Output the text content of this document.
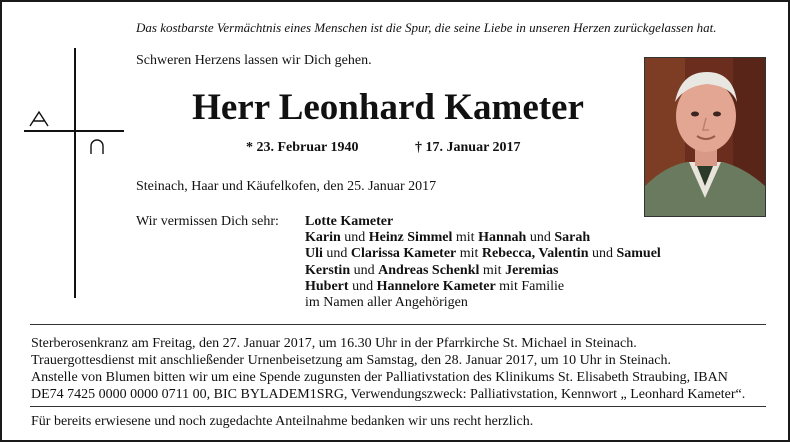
Das kostbarste Vermächtnis eines Menschen ist die Spur, die seine Liebe in unseren Herzen zurückgelassen hat.
Schweren Herzens lassen wir Dich gehen.
Herr Leonhard Kameter
* 23. Februar 1940	† 17. Januar 2017
Steinach, Haar und Käufelkofen, den 25. Januar 2017
Wir vermissen Dich sehr: Lotte Kameter
Karin und Heinz Simmel mit Hannah und Sarah
Uli und Clarissa Kameter mit Rebecca, Valentin und Samuel
Kerstin und Andreas Schenkl mit Jeremias
Hubert und Hannelore Kameter mit Familie
im Namen aller Angehörigen
Sterberosenkranz am Freitag, den 27. Januar 2017, um 16.30 Uhr in der Pfarrkirche St. Michael in Steinach.
Trauergottesdienst mit anschließender Urnenbeisetzung am Samstag, den 28. Januar 2017, um 10 Uhr in Steinach.
Anstelle von Blumen bitten wir um eine Spende zugunsten der Palliativstation des Klinikums St. Elisabeth Straubing, IBAN
DE74 7425 0000 0000 0711 00, BIC BYLADEM1SRG, Verwendungszweck: Palliativstation, Kennwort „ Leonhard Kameter“.
Für bereits erwiesene und noch zugedachte Anteilnahme bedanken wir uns recht herzlich.
